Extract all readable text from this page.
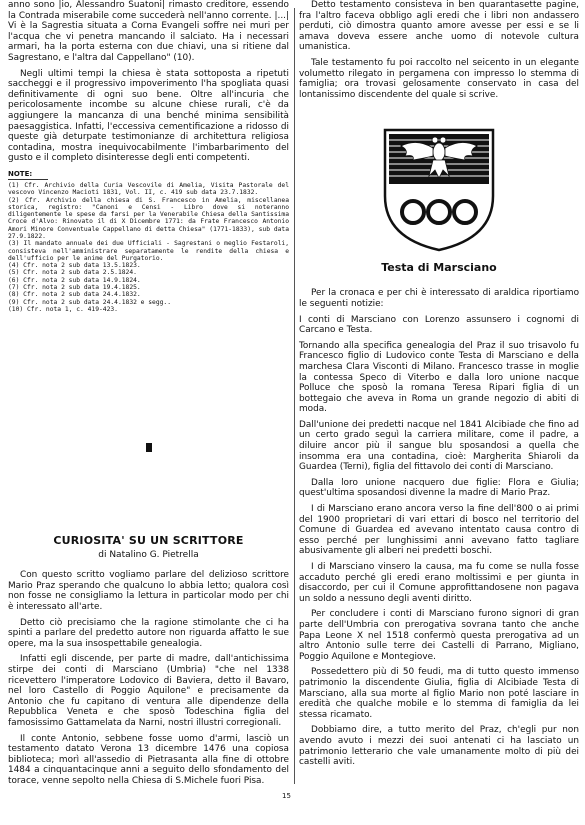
anno sono |io, Alessandro Suatoni| rimasto creditore, essendo la Contrada miserabile come succederà nell'anno corrente. |...| Vi è la Sagrestia situata a Corna Evangeli soffre nei muri per l'acqua che vi penetra mancando il salciato. Ha i necessari armari, ha la porta esterna con due chiavi, una si ritiene dal Sagrestano, e l'altra dal Cappellano" (10).

Negli ultimi tempi la chiesa è stata sottoposta a ripetuti saccheggi e il progressivo impoverimento l'ha spogliata quasi definitivamente di ogni suo bene. Oltre all'incuria che pericolosamente incombe su alcune chiese rurali, c'è da aggiungere la mancanza di una benché minima sensibilità paesaggistica. Infatti, l'eccessiva cementificazione a ridosso di queste già deturpate testimonianze di architettura religiosa contadina, mostra inequivocabilmente l'imbarbarimento del gusto e il completo disinteresse degli enti competenti.

NOTE:
(1) Cfr. Archivio della Curia Vescovile di Amelia, Visita Pastorale del vescovo Vincenzo Macioti 1831, Vol. II, c. 419 sub data 23.7.1832.
(2) Cfr. Archivio della chiesa di S. Francesco in Amelia, miscellanea storica, registro: "Canoni e Censi - Libro dove si noteranno diligentemente le spese da farsi per la Venerabile Chiesa della Santissima Croce d'Alvo: Rinovato il di X Dicembre 1771: da Frate Francesco Antonio Amori Minore Conventuale Cappellano di detta Chiesa" (1771-1833), sub data 27.9.1822.
(3) Il mandato annuale dei due Ufficiali - Sagrestani o meglio Festaroli, consisteva nell'amministrare separatamente le rendite della chiesa e dell'ufficio per le anime del Purgatorio.
(4) Cfr. nota 2 sub data 13.5.1823.
(5) Cfr. nota 2 sub data 2.5.1824.
(6) Cfr. nota 2 sub data 14.9.1824.
(7) Cfr. nota 2 sub data 19.4.1825.
(8) Cfr. nota 2 sub data 24.4.1832.
(9) Cfr. nota 2 sub data 24.4.1832 e segg..
(10) Cfr. nota 1, c. 419-423.
CURIOSITA' SU UN SCRITTORE
di Natalino G. Pietrella

Con questo scritto vogliamo parlare del delizioso scrittore Mario Praz sperando che qualcuno lo abbia letto; qualora così non fosse ne consigliamo la lettura in particolar modo per chi è interessato all'arte.

Detto ciò precisiamo che la ragione stimolante che ci ha spinti a parlare del predetto autore non riguarda affatto le sue opere, ma la sua insospettabile genealogia.

Infatti egli discende, per parte di madre, dall'antichissima stirpe dei conti di Marsciano (Umbria) "che nel 1338 ricevettero l'imperatore Lodovico di Baviera, detto il Bavaro, nel loro Castello di Poggio Aquilone" e precisamente da Antonio che fu capitano di ventura alle dipendenze della Repubblica Veneta e che sposò Todeschina figlia del famosissimo Gattamelata da Narni, nostri illustri corregionali.

Il conte Antonio, sebbene fosse uomo d'armi, lasciò un testamento datato Verona 13 dicembre 1476 una copiosa biblioteca; morì all'assedio di Pietrasanta alla fine di ottobre 1484 a cinquantacinque anni a seguito dello sfondamento del torace, venne sepolto nella Chiesa di S.Michele fuori Pisa.

Detto testamento consisteva in ben quarantasette pagine, fra l'altro faceva obbligo agli eredi che i libri non andassero perduti, ciò dimostra quanto amore avesse per essi e se li amava doveva essere anche uomo di notevole cultura umanistica.

Tale testamento fu poi raccolto nel seicento in un elegante volumetto rilegato in pergamena con impresso lo stemma di famiglia; ora trovasi gelosamente conservato in casa del lontanissimo discendente del quale si scrive.

Testa di Marsciano

Per la cronaca e per chi è interessato di araldica riportiamo le seguenti notizie:

I conti di Marsciano con Lorenzo assunsero i cognomi di Carcano e Testa.

Tornando alla specifica genealogia del Praz il suo trisavolo fu Francesco figlio di Ludovico conte Testa di Marsciano e della marchesa Clara Visconti di Milano. Francesco trasse in moglie la contessa Speco di Viterbo e dalla loro unione nacque Polluce che sposò la romana Teresa Ripari figlia di un bottegaio che aveva in Roma un grande negozio di abiti di moda.

Dall'unione dei predetti nacque nel 1841 Alcibiade che fino ad un certo grado seguì la carriera militare, come il padre, a diluire ancor più il sangue blu sposandosi a quella che insomma era una contadina, cioè: Margherita Shiaroli da Guardea (Terni), figlia del fittavolo dei conti di Marsciano.

Dalla loro unione nacquero due figlie: Flora e Giulia; quest'ultima sposandosi divenne la madre di Mario Praz.

I di Marsciano erano ancora verso la fine dell'800 o ai primi del 1900 proprietari di vari ettari di bosco nel territorio del Comune di Guardea ed avevano intentato causa contro di esso perché per lunghissimi anni avevano fatto tagliare abusivamente gli alberi nei predetti boschi.

I di Marsciano vinsero la causa, ma fu come se nulla fosse accaduto perché gli eredi erano moltissimi e per giunta in disaccordo, per cui il Comune approfittandosene non pagava un soldo a nessuno degli aventi diritto.

Per concludere i conti di Marsciano furono signori di gran parte dell'Umbria con prerogativa sovrana tanto che anche Papa Leone X nel 1518 confermò questa prerogativa ad un altro Antonio sulle terre dei Castelli di Parrano, Migliano, Poggio Aquilone e Montegiove.

Possedettero più di 50 feudi, ma di tutto questo immenso patrimonio la discendente Giulia, figlia di Alcibiade Testa di Marsciano, alla sua morte al figlio Mario non poté lasciare in eredità che qualche mobile e lo stemma di famiglia da lei stessa ricamato.

Dobbiamo dire, a tutto merito del Praz, ch'egli pur non avendo avuto i mezzi dei suoi antenati ci ha lasciato un patrimonio letterario che vale umanamente molto di più dei castelli aviti.

15
